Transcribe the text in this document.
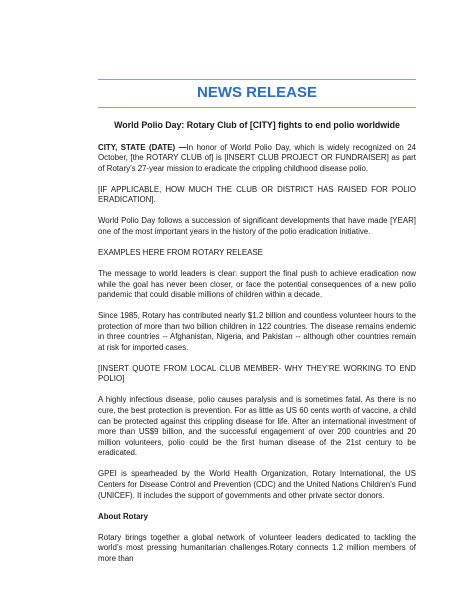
NEWS RELEASE
World Polio Day: Rotary Club of [CITY] fights to end polio worldwide

CITY, STATE (DATE) —In honor of World Polio Day, which is widely recognized on 24 October, [the ROTARY CLUB of] is [INSERT CLUB PROJECT OR FUNDRAISER] as part of Rotary’s 27-year mission to eradicate the crippling childhood disease polio.

[IF APPLICABLE, HOW MUCH THE CLUB OR DISTRICT HAS RAISED FOR POLIO ERADICATION].

World Polio Day follows a succession of significant developments that have made [YEAR] one of the most important years in the history of the polio eradication initiative.

EXAMPLES HERE FROM ROTARY RELEASE

The message to world leaders is clear: support the final push to achieve eradication now while the goal has never been closer, or face the potential consequences of a new polio pandemic that could disable millions of children within a decade.

Since 1985, Rotary has contributed nearly $1.2 billion and countless volunteer hours to the protection of more than two billion children in 122 countries. The disease remains endemic in three countries -- Afghanistan, Nigeria, and Pakistan -- although other countries remain at risk for imported cases.

[INSERT QUOTE FROM LOCAL CLUB MEMBER- WHY THEY’RE WORKING TO END POLIO]

A highly infectious disease, polio causes paralysis and is sometimes fatal. As there is no cure, the best protection is prevention. For as little as US 60 cents worth of vaccine, a child can be protected against this crippling disease for life. After an international investment of more than US$9 billion, and the successful engagement of over 200 countries and 20 million volunteers, polio could be the first human disease of the 21st century to be eradicated.

GPEI is spearheaded by the World Health Organization, Rotary International, the US Centers for Disease Control and Prevention (CDC) and the United Nations Children’s Fund (UNICEF). It includes the support of governments and other private sector donors.

About Rotary

Rotary brings together a global network of volunteer leaders dedicated to tackling the world’s most pressing humanitarian challenges.Rotary connects 1.2 million members of more than
